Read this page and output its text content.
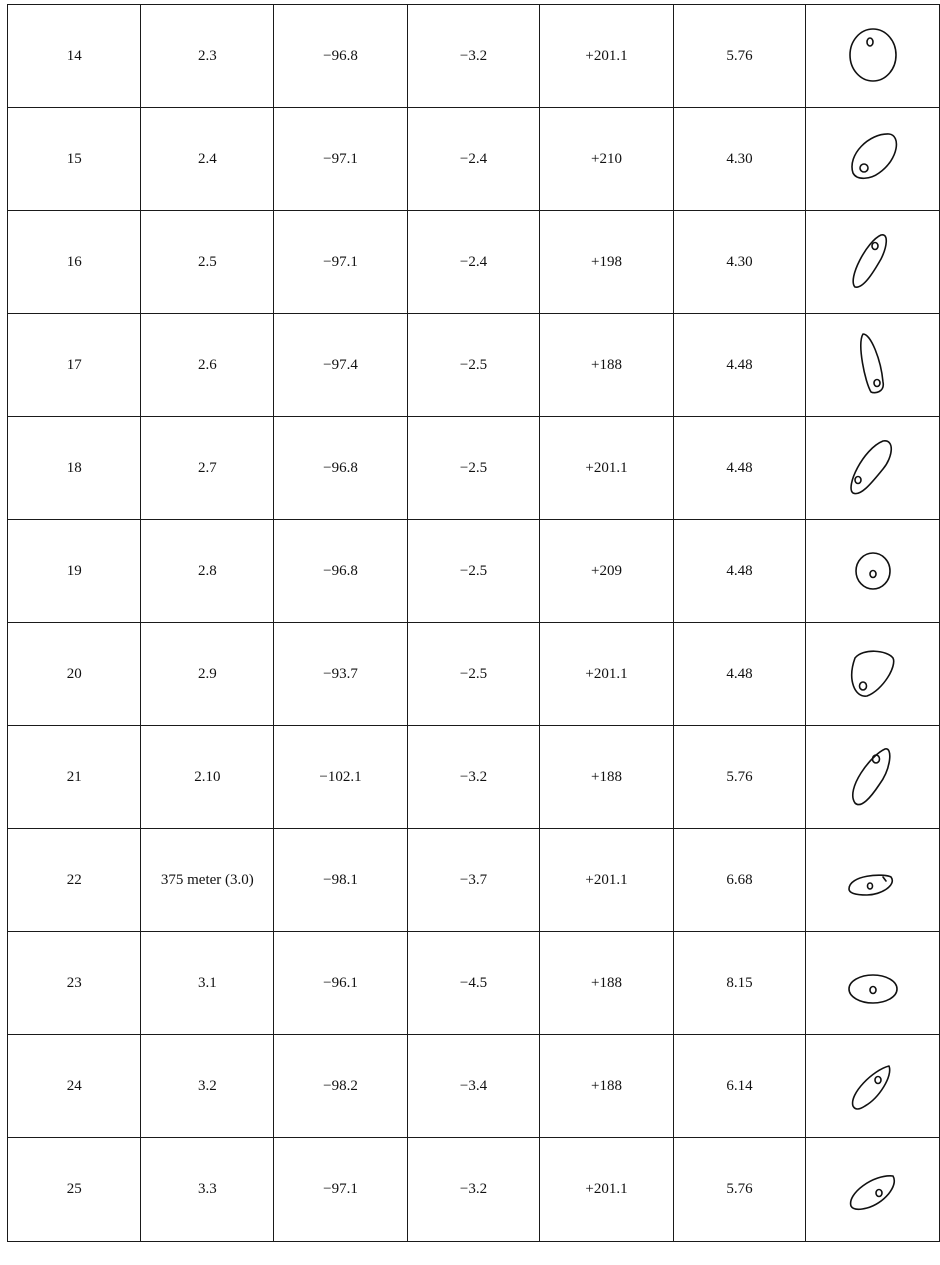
14	2.3	−96.8	−3.2	+201.1	5.76	

15	2.4	−97.1	−2.4	+210	4.30	

16	2.5	−97.1	−2.4	+198	4.30	

17	2.6	−97.4	−2.5	+188	4.48	

18	2.7	−96.8	−2.5	+201.1	4.48	

19	2.8	−96.8	−2.5	+209	4.48	

20	2.9	−93.7	−2.5	+201.1	4.48	

21	2.10	−102.1	−3.2	+188	5.76	

22	375 meter (3.0)	−98.1	−3.7	+201.1	6.68	

23	3.1	−96.1	−4.5	+188	8.15	

24	3.2	−98.2	−3.4	+188	6.14	

25	3.3	−97.1	−3.2	+201.1	5.76	
